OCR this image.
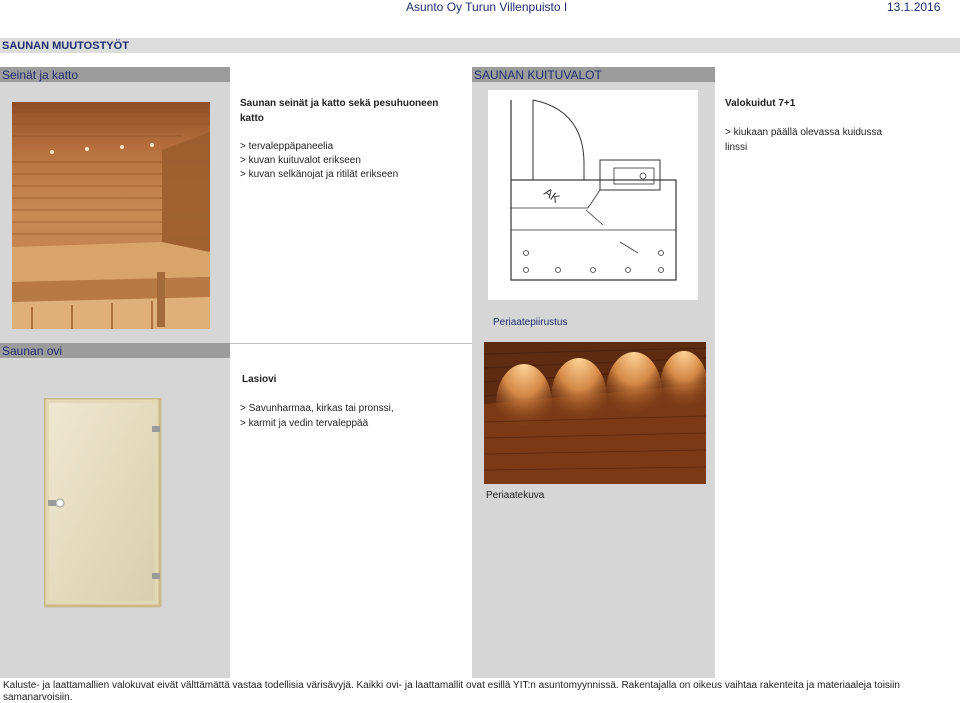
Asunto Oy Turun Villenpuisto I	13.1.2016
SAUNAN MUUTOSTYÖT
Seinät ja katto	SAUNAN KUITUVALOT
Saunan ovi
Saunan seinät ja katto sekä pesuhuoneen katto
> tervaleppäpaneelia
> kuvan kuituvalot erikseen
> kuvan selkänojat ja ritilät erikseen
AK
Periaatepiirustus
Valokuidut 7+1
> kiukaan päällä olevassa kuidussa linssi
Lasiovi
> Savunharmaa, kirkas tai pronssi,
> karmit ja vedin tervaleppää
Periaatekuva
Kaluste- ja laattamallien valokuvat eivät välttämättä vastaa todellisia värisävyjä. Kaikki ovi- ja laattamallit ovat esillä YIT:n asuntomyynnissä. Rakentajalla on oikeus vaihtaa rakenteita ja materiaaleja toisiin samanarvoisiin.
